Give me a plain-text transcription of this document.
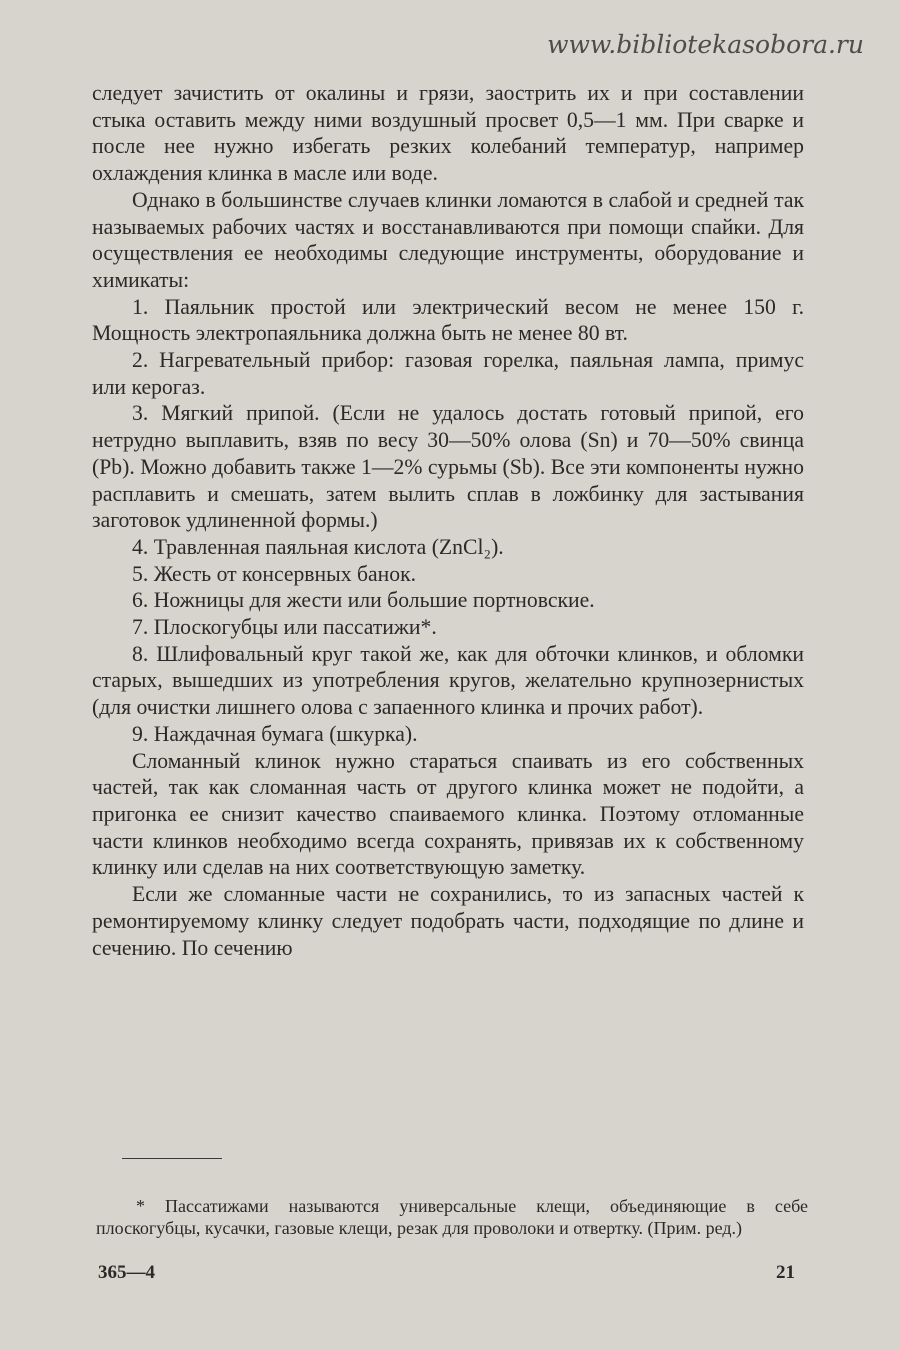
www.bibliotekasobora.ru

следует зачистить от окалины и грязи, заострить их и при составлении стыка оставить между ними воздушный просвет 0,5—1 мм. При сварке и после нее нужно избегать резких колебаний температур, например охлаждения клинка в масле или воде.

Однако в большинстве случаев клинки ломаются в слабой и средней так называемых рабочих частях и восстанавливаются при помощи спайки. Для осуществления ее необходимы следующие инструменты, оборудование и химикаты:

1. Паяльник простой или электрический весом не менее 150 г. Мощность электропаяльника должна быть не менее 80 вт.

2. Нагревательный прибор: газовая горелка, паяльная лампа, примус или керогаз.

3. Мягкий припой. (Если не удалось достать готовый припой, его нетрудно выплавить, взяв по весу 30—50% олова (Sn) и 70—50% свинца (Pb). Можно добавить также 1—2% сурьмы (Sb). Все эти компоненты нужно расплавить и смешать, затем вылить сплав в ложбинку для застывания заготовок удлиненной формы.)

4. Травленная паяльная кислота (ZnCl₂).

5. Жесть от консервных банок.

6. Ножницы для жести или большие портновские.

7. Плоскогубцы или пассатижи*.

8. Шлифовальный круг такой же, как для обточки клинков, и обломки старых, вышедших из употребления кругов, желательно крупнозернистых (для очистки лишнего олова с запаенного клинка и прочих работ).

9. Наждачная бумага (шкурка).

Сломанный клинок нужно стараться спаивать из его собственных частей, так как сломанная часть от другого клинка может не подойти, а пригонка ее снизит качество спаиваемого клинка. Поэтому отломанные части клинков необходимо всегда сохранять, привязав их к собственному клинку или сделав на них соответствующую заметку.

Если же сломанные части не сохранились, то из запасных частей к ремонтируемому клинку следует подобрать части, подходящие по длине и сечению. По сечению

* Пассатижами называются универсальные клещи, объединяющие в себе плоскогубцы, кусачки, газовые клещи, резак для проволоки и отвертку. (Прим. ред.)

365—4	21
